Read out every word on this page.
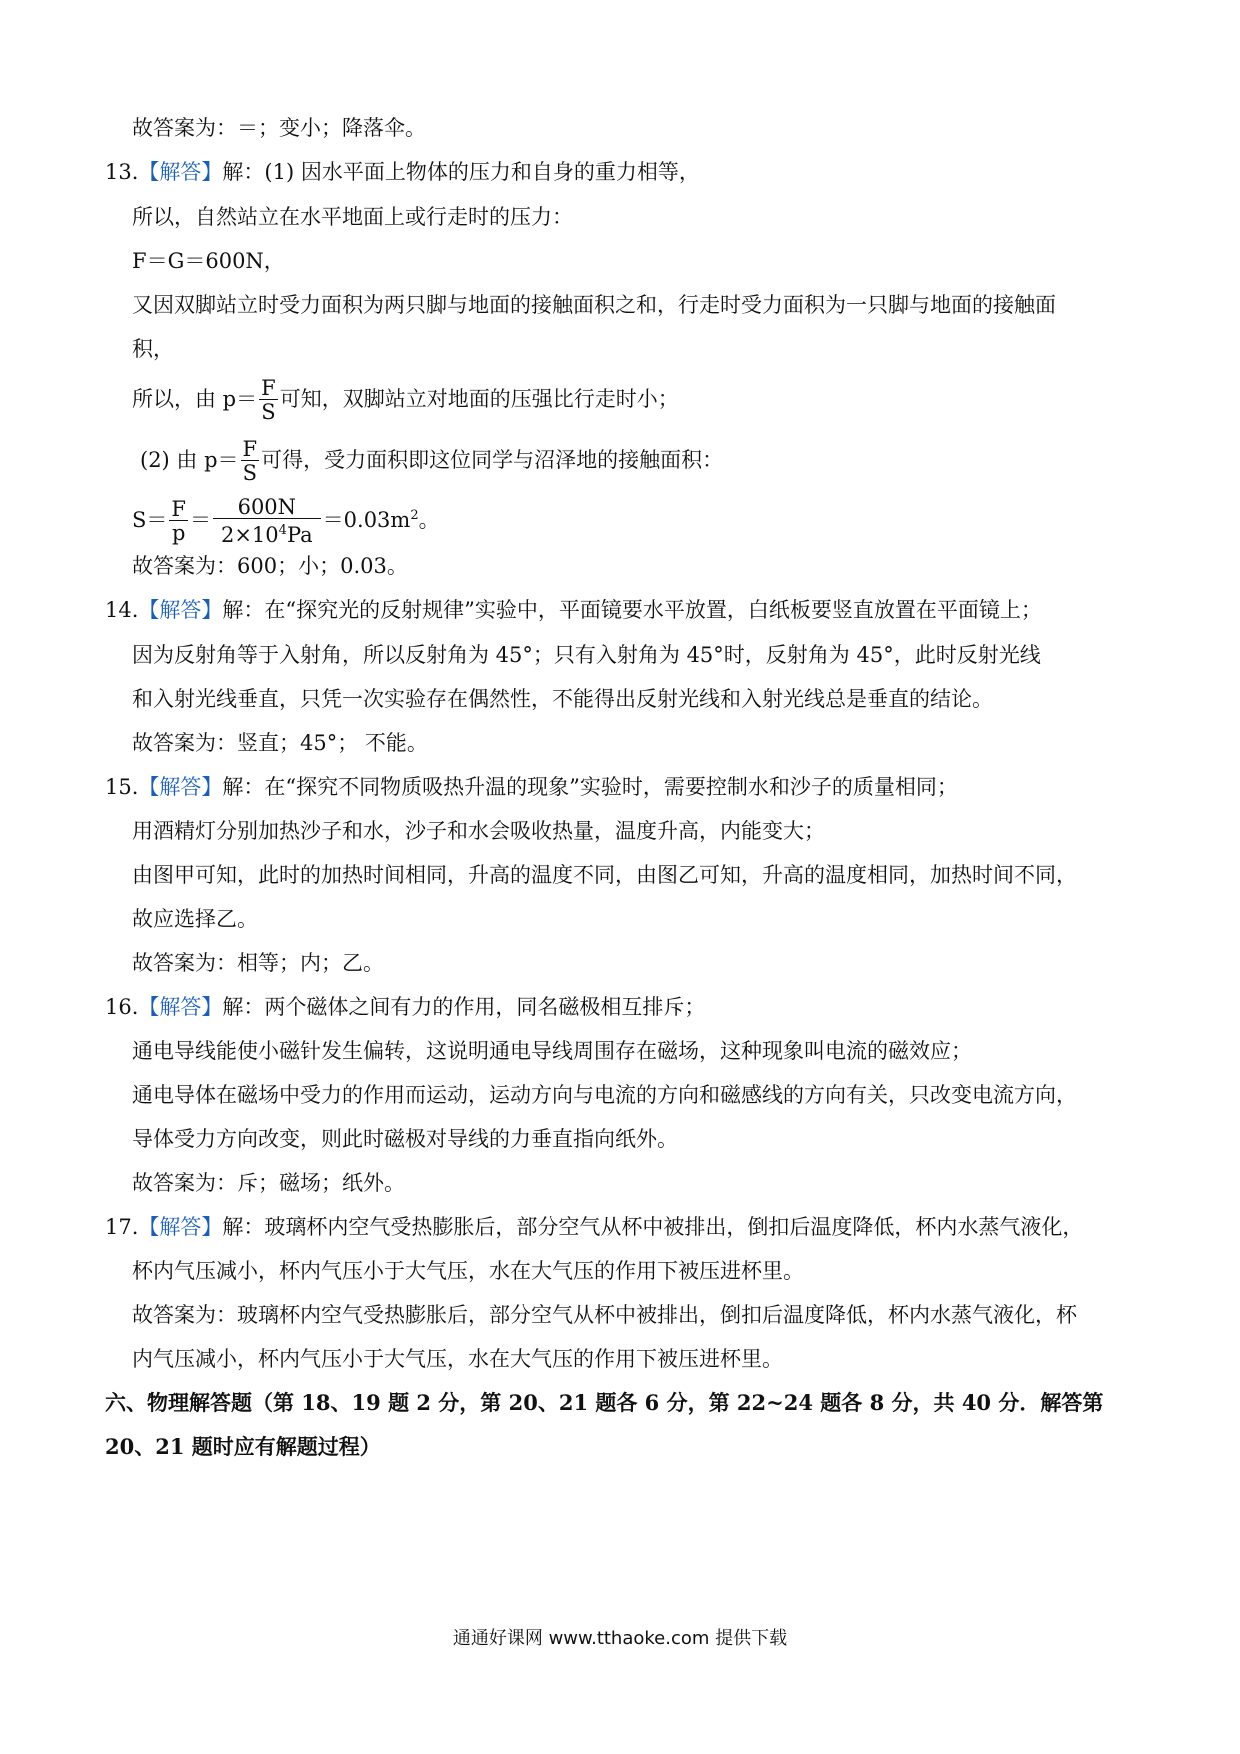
故答案为：＝；变小；降落伞。
13.【解答】解：(1) 因水平面上物体的压力和自身的重力相等，
所以，自然站立在水平地面上或行走时的压力：
F＝G＝600N，
又因双脚站立时受力面积为两只脚与地面的接触面积之和，行走时受力面积为一只脚与地面的接触面
积，
所以，由 $p= \frac{F}{S}$ 可知，双脚站立对地面的压强比行走时小；
(2) 由 $p= \frac{F}{S}$ 可得，受力面积即这位同学与沼泽地的接触面积：
$S= \frac{F}{p} = \frac{600N}{2\times 10^4Pa} =0.03m^2$。
故答案为：600；小；0.03。
14.【解答】解：在“探究光的反射规律”实验中，平面镜要水平放置，白纸板要竖直放置在平面镜上；
因为反射角等于入射角，所以反射角为 45°；只有入射角为 45°时，反射角为 45°，此时反射光线
和入射光线垂直，只凭一次实验存在偶然性，不能得出反射光线和入射光线总是垂直的结论。
故答案为：竖直；45°； 不能。
15.【解答】解：在“探究不同物质吸热升温的现象”实验时，需要控制水和沙子的质量相同；
用酒精灯分别加热沙子和水，沙子和水会吸收热量，温度升高，内能变大；
由图甲可知，此时的加热时间相同，升高的温度不同，由图乙可知，升高的温度相同，加热时间不同，
故应选择乙。
故答案为：相等；内；乙。
16.【解答】解：两个磁体之间有力的作用，同名磁极相互排斥；
通电导线能使小磁针发生偏转，这说明通电导线周围存在磁场，这种现象叫电流的磁效应；
通电导体在磁场中受力的作用而运动，运动方向与电流的方向和磁感线的方向有关，只改变电流方向，
导体受力方向改变，则此时磁极对导线的力垂直指向纸外。
故答案为：斥；磁场；纸外。
17.【解答】解：玻璃杯内空气受热膨胀后，部分空气从杯中被排出，倒扣后温度降低，杯内水蒸气液化，
杯内气压减小，杯内气压小于大气压，水在大气压的作用下被压进杯里。
故答案为：玻璃杯内空气受热膨胀后，部分空气从杯中被排出，倒扣后温度降低，杯内水蒸气液化，杯
内气压减小，杯内气压小于大气压，水在大气压的作用下被压进杯里。
六、物理解答题（第 18、19 题 2 分，第 20、21 题各 6 分，第 22~24 题各 8 分，共 40 分．解答第
20、21 题时应有解题过程）
通通好课网 www.tthaoke.com 提供下载
